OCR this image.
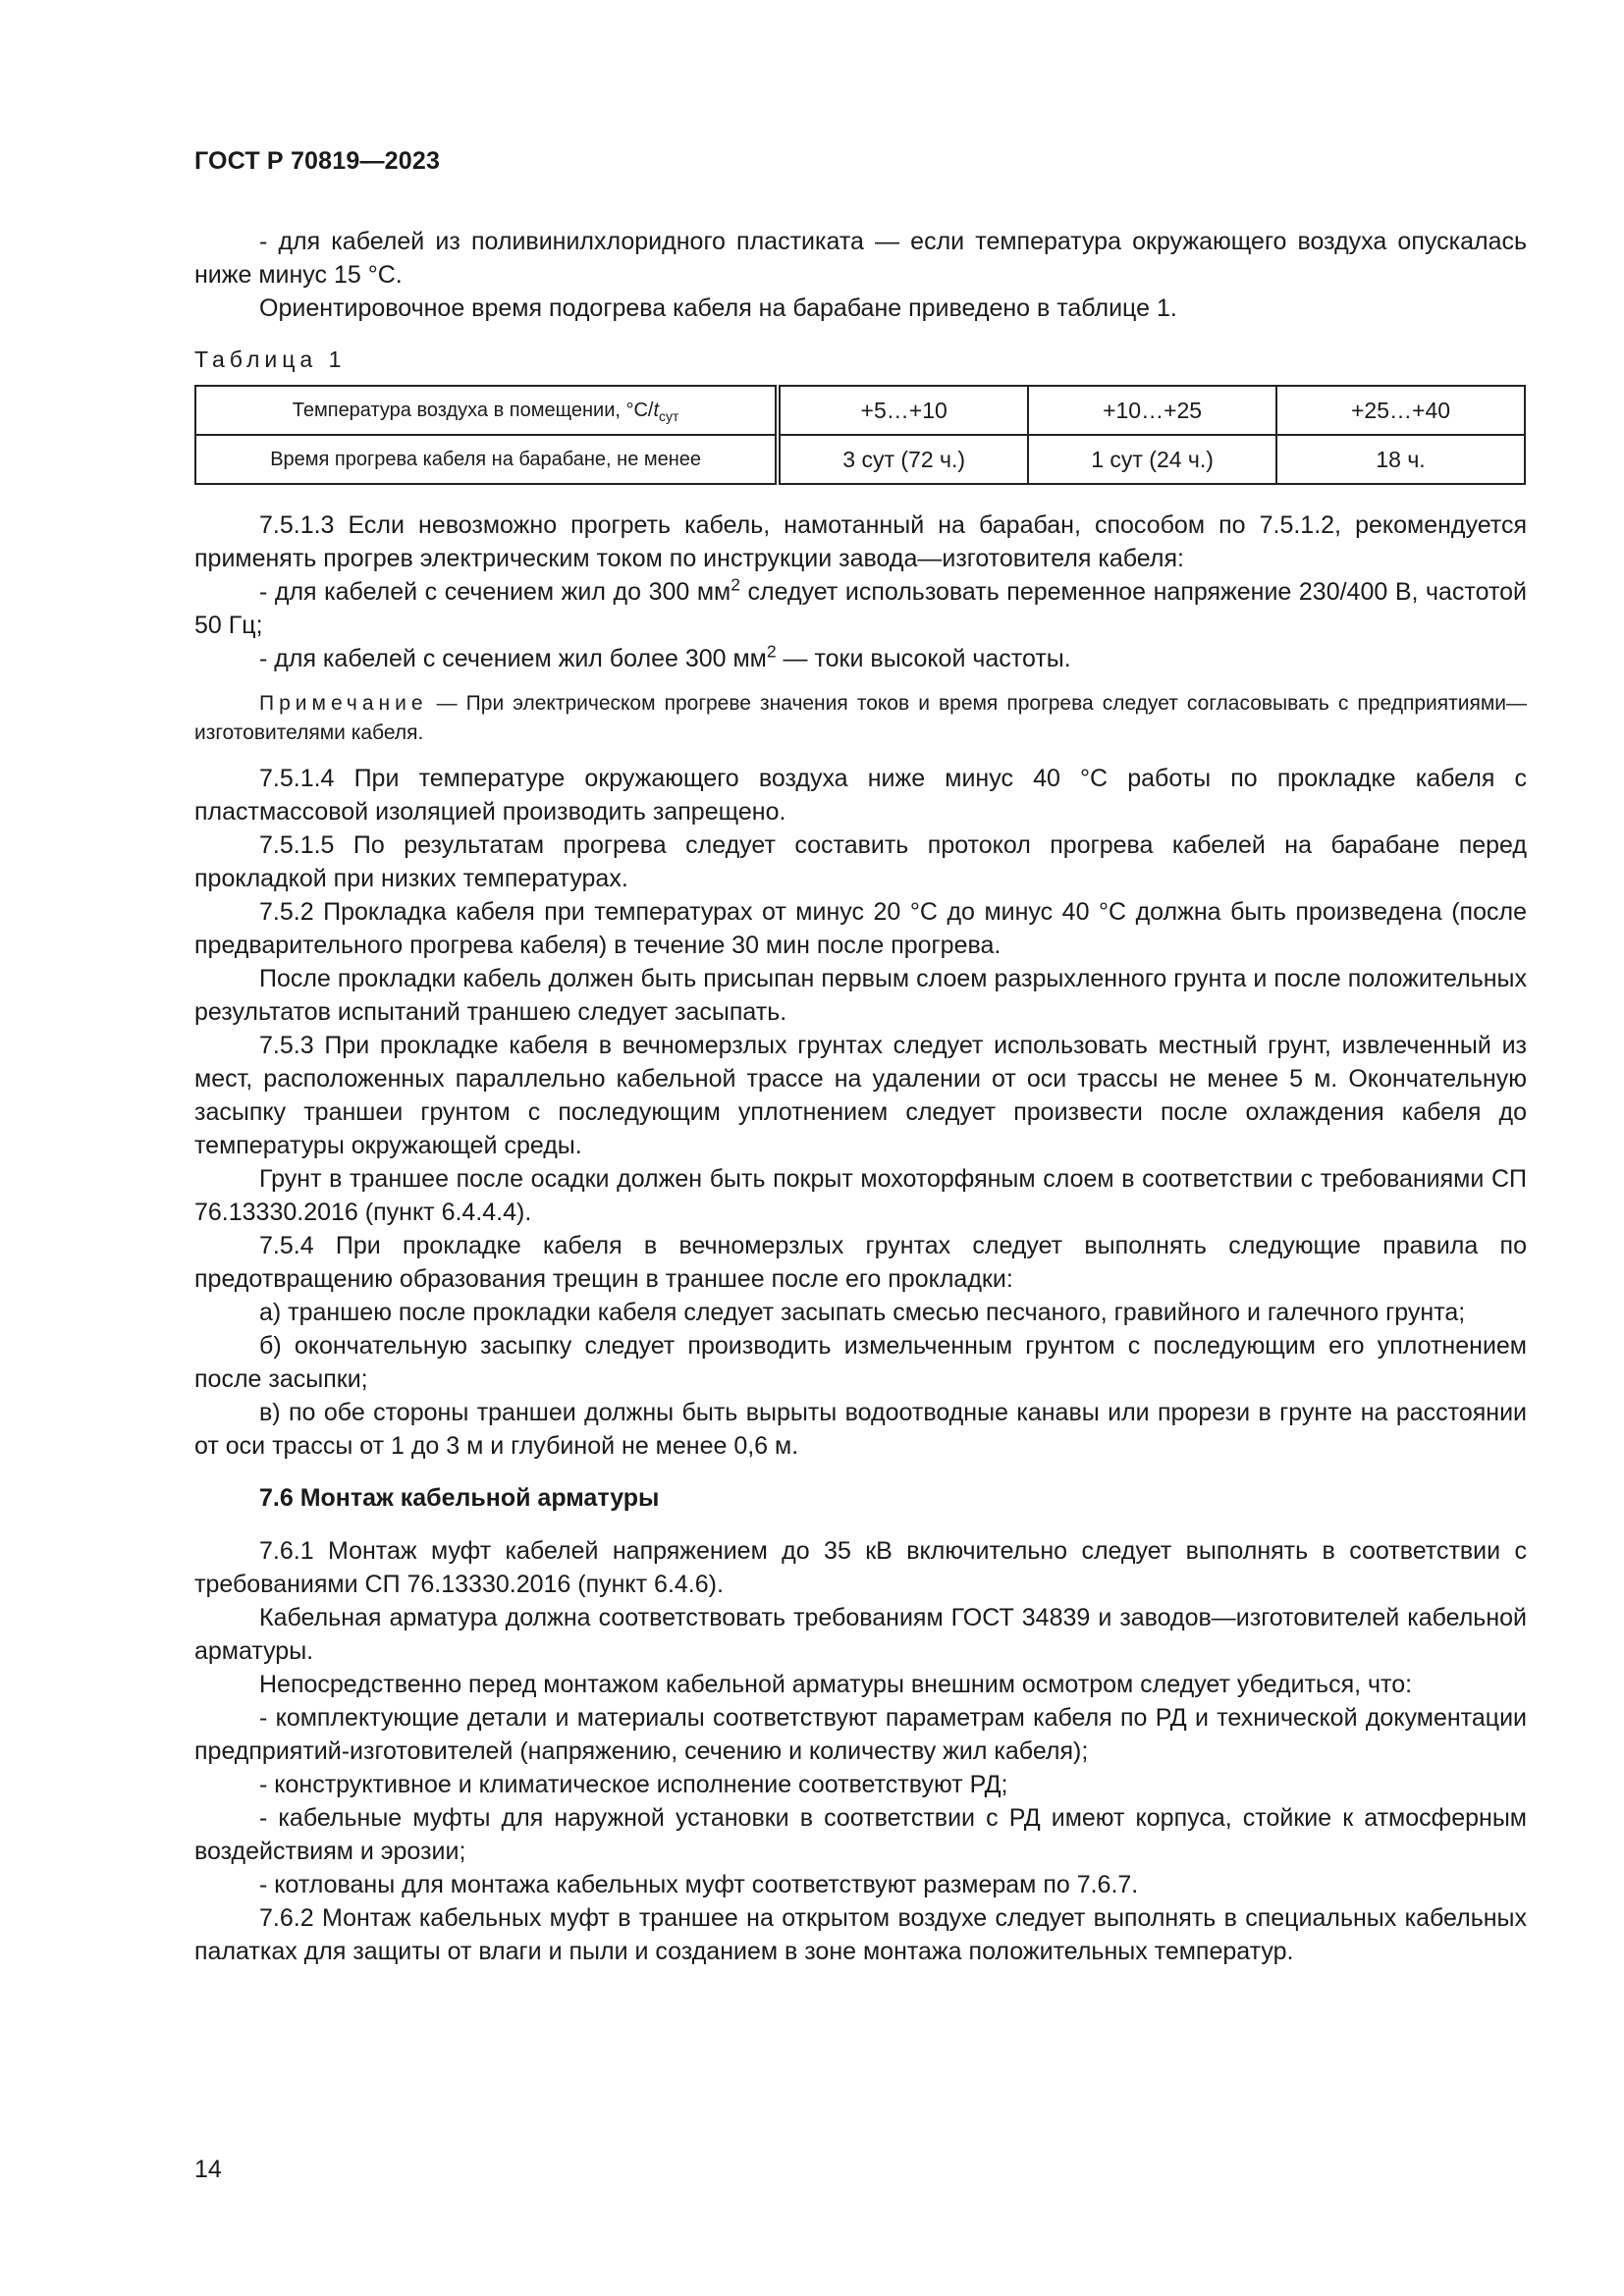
ГОСТ Р 70819—2023

- для кабелей из поливинилхлоридного пластиката — если температура окружающего воздуха опускалась ниже минус 15 °С.

Ориентировочное время подогрева кабеля на барабане приведено в таблице 1.

Таблица 1
Температура воздуха в помещении, $^\circ С/t_{сут}$	+5…+10	+10…+25	+25…+40
Время прогрева кабеля на барабане, не менее	3 сут (72 ч.)	1 сут (24 ч.)	18 ч.

7.5.1.3 Если невозможно прогреть кабель, намотанный на барабан, способом по 7.5.1.2, рекомендуется применять прогрев электрическим током по инструкции завода—изготовителя кабеля:

- для кабелей с сечением жил до 300 $мм^2$ следует использовать переменное напряжение 230/400 В, частотой 50 Гц;

- для кабелей с сечением жил более 300 $мм^2$ — токи высокой частоты.

Примечание — При электрическом прогреве значения токов и время прогрева следует согласовывать с предприятиями—изготовителями кабеля.

7.5.1.4 При температуре окружающего воздуха ниже минус 40 °С работы по прокладке кабеля с пластмассовой изоляцией производить запрещено.

7.5.1.5 По результатам прогрева следует составить протокол прогрева кабелей на барабане перед прокладкой при низких температурах.

7.5.2 Прокладка кабеля при температурах от минус 20 °С до минус 40 °С должна быть произведена (после предварительного прогрева кабеля) в течение 30 мин после прогрева.

После прокладки кабель должен быть присыпан первым слоем разрыхленного грунта и после положительных результатов испытаний траншею следует засыпать.

7.5.3 При прокладке кабеля в вечномерзлых грунтах следует использовать местный грунт, извлеченный из мест, расположенных параллельно кабельной трассе на удалении от оси трассы не менее 5 м. Окончательную засыпку траншеи грунтом с последующим уплотнением следует произвести после охлаждения кабеля до температуры окружающей среды.

Грунт в траншее после осадки должен быть покрыт мохоторфяным слоем в соответствии с требованиями СП 76.13330.2016 (пункт 6.4.4.4).

7.5.4 При прокладке кабеля в вечномерзлых грунтах следует выполнять следующие правила по предотвращению образования трещин в траншее после его прокладки:

а) траншею после прокладки кабеля следует засыпать смесью песчаного, гравийного и галечного грунта;

б) окончательную засыпку следует производить измельченным грунтом с последующим его уплотнением после засыпки;

в) по обе стороны траншеи должны быть вырыты водоотводные канавы или прорези в грунте на расстоянии от оси трассы от 1 до 3 м и глубиной не менее 0,6 м.

7.6 Монтаж кабельной арматуры

7.6.1 Монтаж муфт кабелей напряжением до 35 кВ включительно следует выполнять в соответствии с требованиями СП 76.13330.2016 (пункт 6.4.6).

Кабельная арматура должна соответствовать требованиям ГОСТ 34839 и заводов—изготовителей кабельной арматуры.

Непосредственно перед монтажом кабельной арматуры внешним осмотром следует убедиться, что:

- комплектующие детали и материалы соответствуют параметрам кабеля по РД и технической документации предприятий-изготовителей (напряжению, сечению и количеству жил кабеля);

- конструктивное и климатическое исполнение соответствуют РД;

- кабельные муфты для наружной установки в соответствии с РД имеют корпуса, стойкие к атмосферным воздействиям и эрозии;

- котлованы для монтажа кабельных муфт соответствуют размерам по 7.6.7.

7.6.2 Монтаж кабельных муфт в траншее на открытом воздухе следует выполнять в специальных кабельных палатках для защиты от влаги и пыли и созданием в зоне монтажа положительных температур.

14
